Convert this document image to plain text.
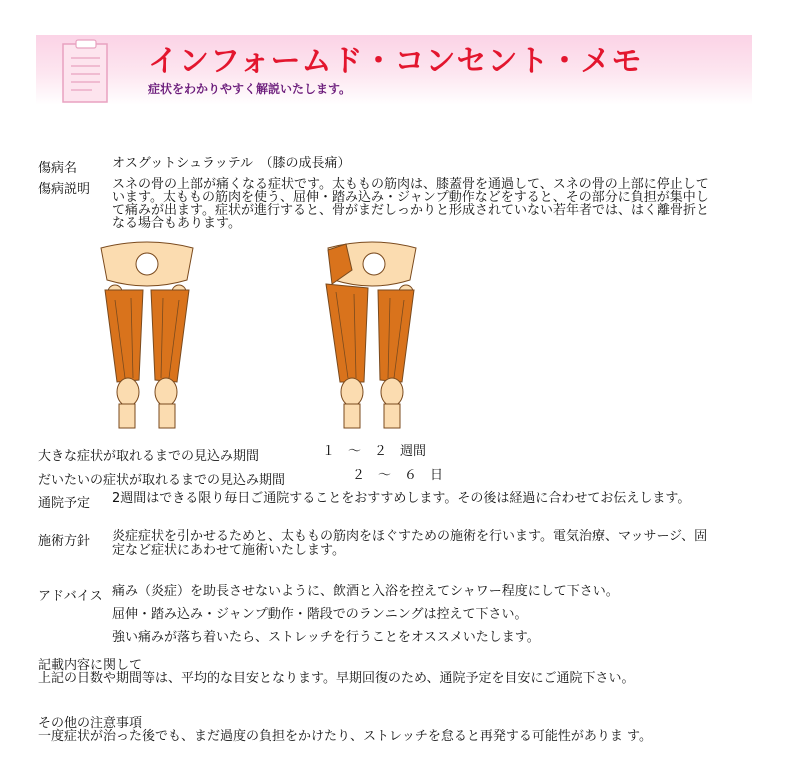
インフォームド・コンセント・メモ
症状をわかりやすく解説いたします。
傷病名	オスグットシュラッテル　（膝の成長痛）
傷病説明 スネの骨の上部が痛くなる症状です。太ももの筋肉は、膝蓋骨を通過して、スネの骨の上部に停止しています。太ももの筋肉を使う、屈伸・踏み込み・ジャンプ動作などをすると、その部分に負担が集中して痛みが出ます。症状が進行すると、骨がまだしっかりと形成されていない若年者では、はく離骨折となる場合もあります。
大きな症状が取れるまでの見込み期間	１　～　２　週間
だいたいの症状が取れるまでの見込み期間	２　～　６　日
通院予定 2週間はできる限り毎日ご通院することをおすすめします。その後は経過に合わせてお伝えします。
施術方針 炎症症状を引かせるためと、太ももの筋肉をほぐすための施術を行います。電気治療、マッサージ、固定など症状にあわせて施術いたします。
アドバイス 痛み（炎症）を助長させないように、飲酒と入浴を控えてシャワー程度にして下さい。
屈伸・踏み込み・ジャンプ動作・階段でのランニングは控えて下さい。
強い痛みが落ち着いたら、ストレッチを行うことをオススメいたします。
記載内容に関して
上記の日数や期間等は、平均的な目安となります。早期回復のため、通院予定を目安にご通院下さい。
その他の注意事項
一度症状が治った後でも、まだ過度の負担をかけたり、ストレッチを怠ると再発する可能性がありま す。
